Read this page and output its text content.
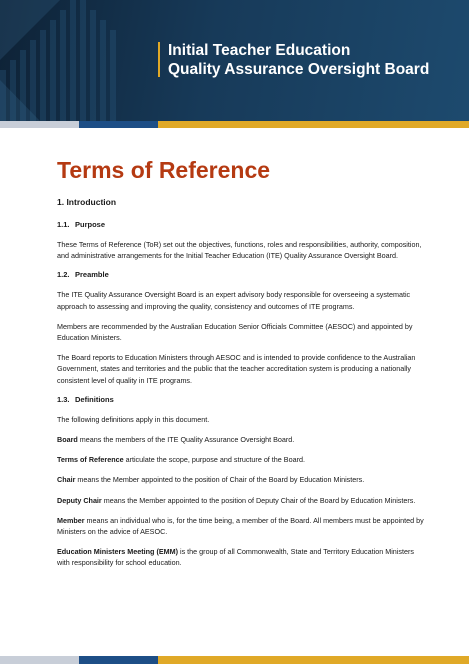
Initial Teacher Education
Quality Assurance Oversight Board
Terms of Reference
1. Introduction
1.1. Purpose
These Terms of Reference (ToR) set out the objectives, functions, roles and responsibilities, authority, composition, and administrative arrangements for the Initial Teacher Education (ITE) Quality Assurance Oversight Board.
1.2. Preamble
The ITE Quality Assurance Oversight Board is an expert advisory body responsible for overseeing a systematic approach to assessing and improving the quality, consistency and outcomes of ITE programs.
Members are recommended by the Australian Education Senior Officials Committee (AESOC) and appointed by Education Ministers.
The Board reports to Education Ministers through AESOC and is intended to provide confidence to the Australian Government, states and territories and the public that the teacher accreditation system is producing a nationally consistent level of quality in ITE programs.
1.3. Definitions
The following definitions apply in this document.
Board means the members of the ITE Quality Assurance Oversight Board.
Terms of Reference articulate the scope, purpose and structure of the Board.
Chair means the Member appointed to the position of Chair of the Board by Education Ministers.
Deputy Chair means the Member appointed to the position of Deputy Chair of the Board by Education Ministers.
Member means an individual who is, for the time being, a member of the Board. All members must be appointed by Ministers on the advice of AESOC.
Education Ministers Meeting (EMM) is the group of all Commonwealth, State and Territory Education Ministers with responsibility for school education.
